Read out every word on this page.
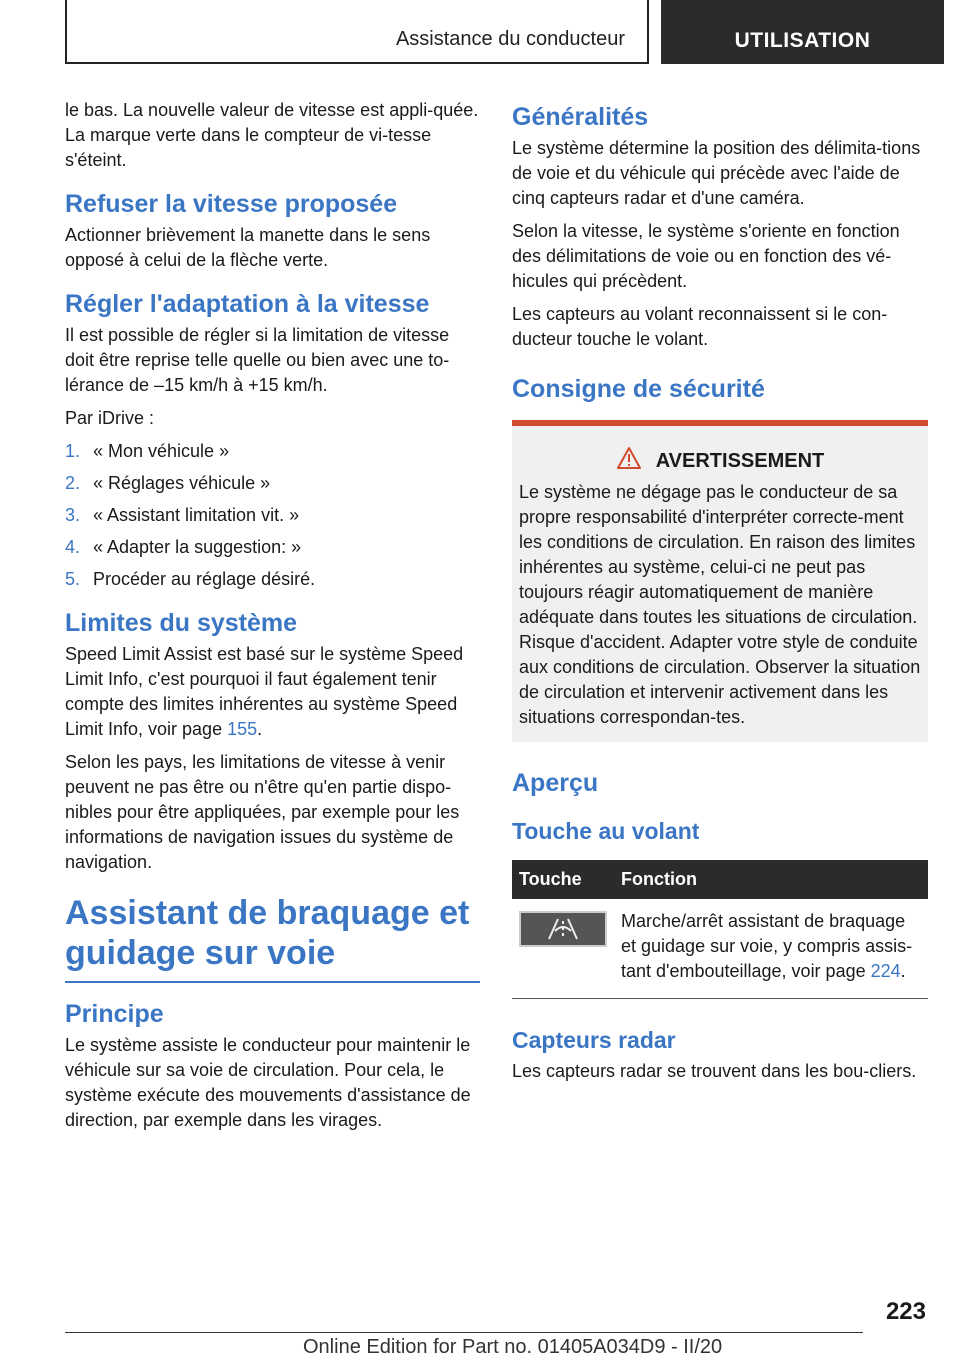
Assistance du conducteur	UTILISATION

le bas. La nouvelle valeur de vitesse est appli-quée. La marque verte dans le compteur de vi-tesse s'éteint.

Refuser la vitesse proposée

Actionner brièvement la manette dans le sens opposé à celui de la flèche verte.

Régler l'adaptation à la vitesse

Il est possible de régler si la limitation de vitesse doit être reprise telle quelle ou bien avec une to-lérance de –15 km/h à +15 km/h.

Par iDrive :

1. « Mon véhicule »
2. « Réglages véhicule »
3. « Assistant limitation vit. »
4. « Adapter la suggestion: »
5. Procéder au réglage désiré.
Limites du système

Speed Limit Assist est basé sur le système Speed Limit Info, c'est pourquoi il faut également tenir compte des limites inhérentes au système Speed Limit Info, voir page 155.

Selon les pays, les limitations de vitesse à venir peuvent ne pas être ou n'être qu'en partie dispo-nibles pour être appliquées, par exemple pour les informations de navigation issues du système de navigation.

Assistant de braquage et guidage sur voie
Principe

Le système assiste le conducteur pour maintenir le véhicule sur sa voie de circulation. Pour cela, le système exécute des mouvements d'assistance de direction, par exemple dans les virages.

Généralités

Le système détermine la position des délimita-tions de voie et du véhicule qui précède avec l'aide de cinq capteurs radar et d'une caméra.

Selon la vitesse, le système s'oriente en fonction des délimitations de voie ou en fonction des vé-hicules qui précèdent.

Les capteurs au volant reconnaissent si le con-ducteur touche le volant.

Consigne de sécurité
AVERTISSEMENT

Le système ne dégage pas le conducteur de sa propre responsabilité d'interpréter correcte-ment les conditions de circulation. En raison des limites inhérentes au système, celui-ci ne peut pas toujours réagir automatiquement de manière adéquate dans toutes les situations de circulation. Risque d'accident. Adapter votre style de conduite aux conditions de circulation. Observer la situation de circulation et intervenir activement dans les situations correspondan-tes.

Aperçu
Touche au volant
Touche	Fonction

	Marche/arrêt assistant de braquage et guidage sur voie, y compris assis-tant d'embouteillage, voir page 224.
Capteurs radar

Les capteurs radar se trouvent dans les bou-cliers.

223
Online Edition for Part no. 01405A034D9 - II/20
